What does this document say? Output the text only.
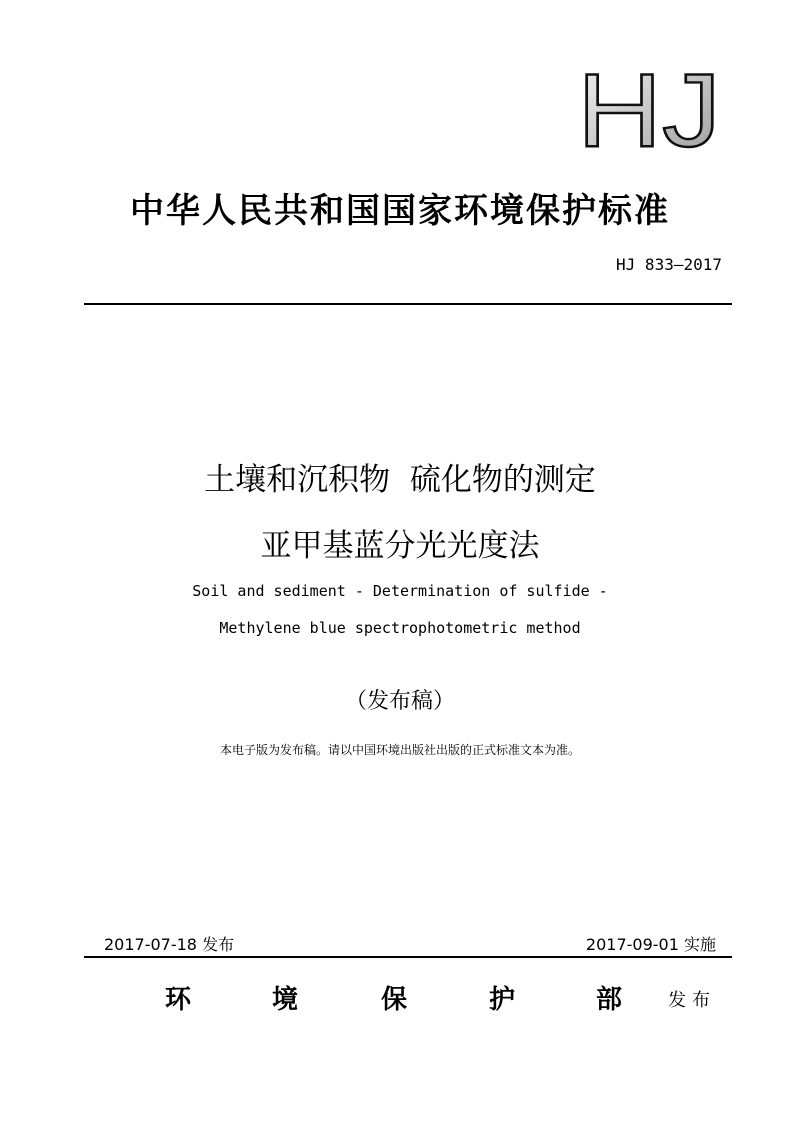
HJ
中华人民共和国国家环境保护标准
HJ 833—2017
土壤和沉积物  硫化物的测定
亚甲基蓝分光光度法
Soil and sediment - Determination of sulfide -
Methylene blue spectrophotometric method
（发布稿）
本电子版为发布稿。请以中国环境出版社出版的正式标准文本为准。
2017-07-18 发布	2017-09-01 实施
环	境	保	护	部	发布
